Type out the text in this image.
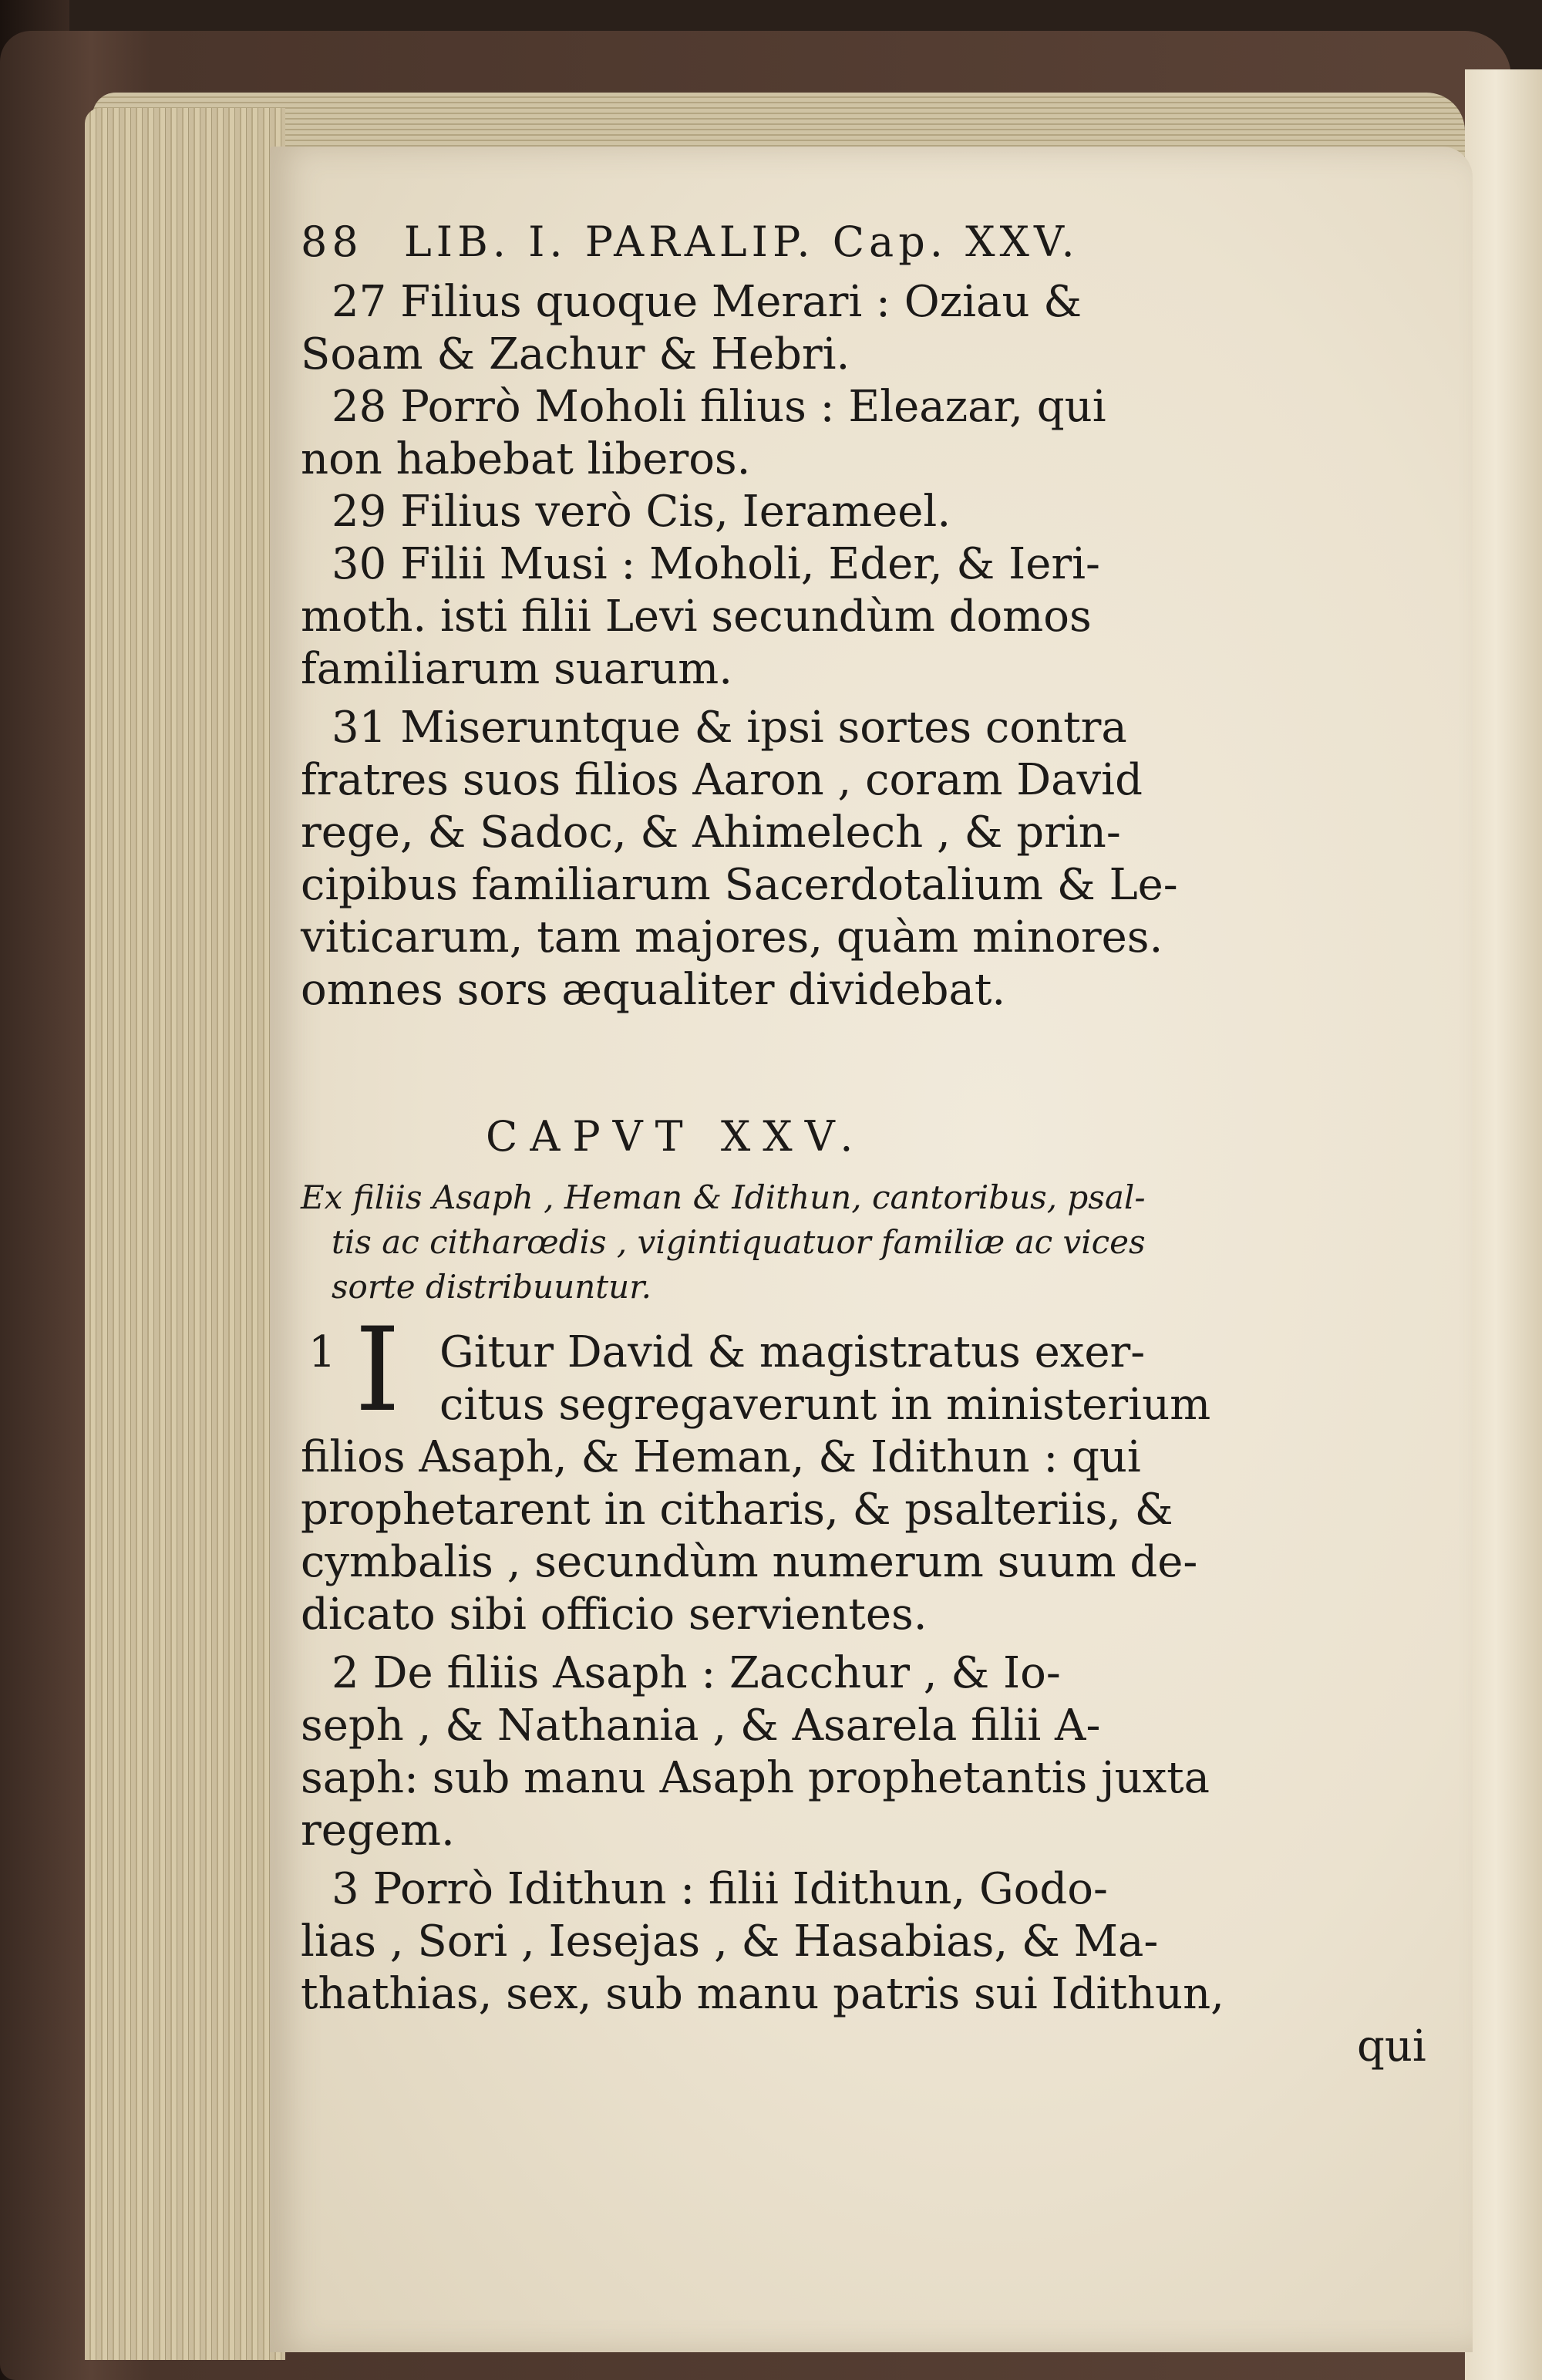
88 LIB. I. PARALIP. Cap. XXV.
27 Filius quoque Merari : Oziau &
Soam & Zachur & Hebri.
28 Porrò Moholi filius : Eleazar, qui
non habebat liberos.
29 Filius verò Cis, Ierameel.
30 Filii Musi : Moholi, Eder, & Ieri-
moth. isti filii Levi secundùm domos
familiarum suarum.
31 Miseruntque & ipsi sortes contra
fratres suos filios Aaron , coram David
rege, & Sadoc, & Ahimelech , & prin-
cipibus familiarum Sacerdotalium & Le-
viticarum, tam majores, quàm minores.
omnes sors æqualiter dividebat.
CAPVT XXV.
Ex filiis Asaph , Heman & Idithun, cantoribus, psal-
tis ac citharœdis , vigintiquatuor familiæ ac vices
sorte distribuuntur.
1 I Gitur David & magistratus exer-
citus segregaverunt in ministerium
filios Asaph, & Heman, & Idithun : qui
prophetarent in citharis, & psalteriis, &
cymbalis , secundùm numerum suum de-
dicato sibi officio servientes.
2 De filiis Asaph : Zacchur , & Io-
seph , & Nathania , & Asarela filii A-
saph: sub manu Asaph prophetantis juxta
regem.
3 Porrò Idithun : filii Idithun, Godo-
lias , Sori , Iesejas , & Hasabias, & Ma-
thathias, sex, sub manu patris sui Idithun,
qui
